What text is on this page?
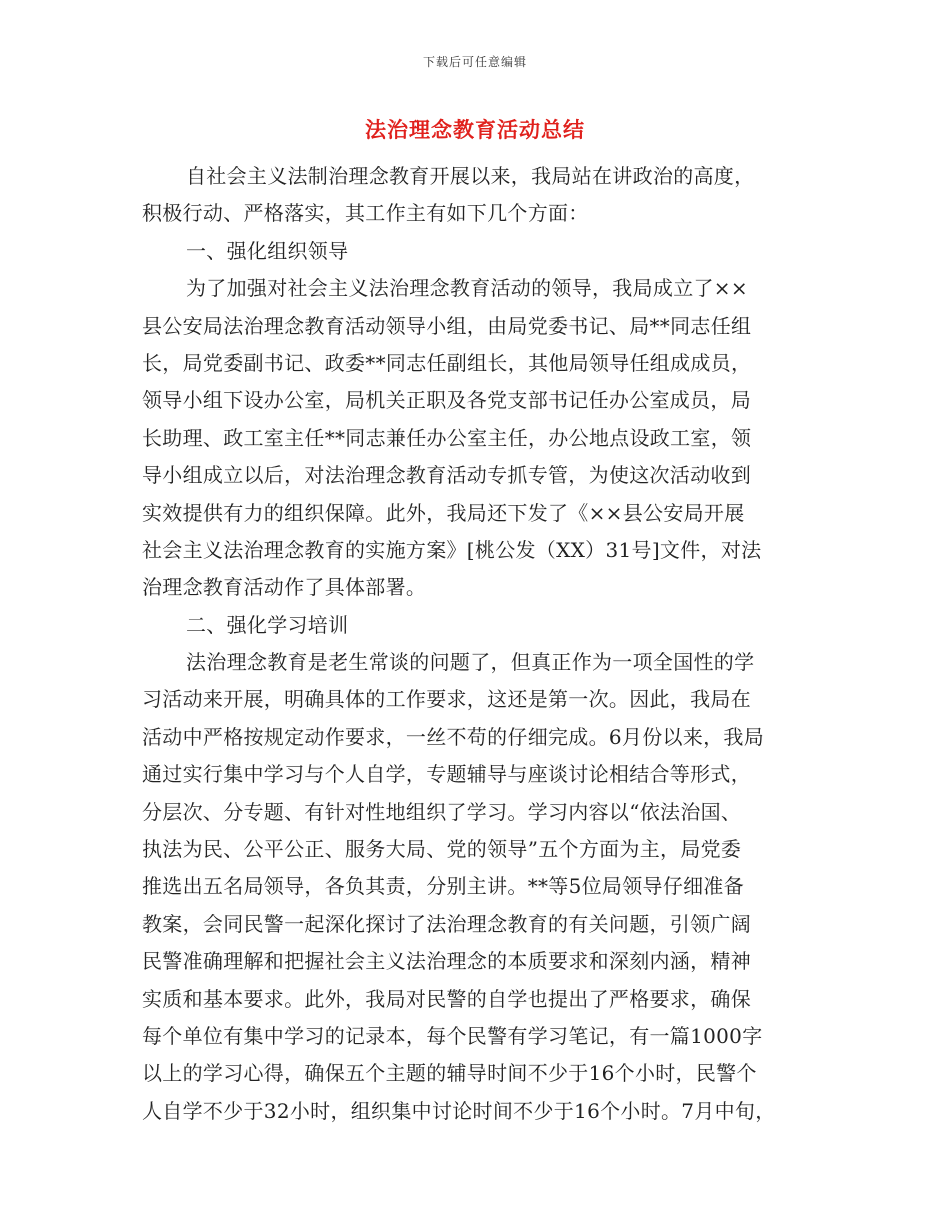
下载后可任意编辑
法治理念教育活动总结
自社会主义法制治理念教育开展以来，我局站在讲政治的高度，
积极行动、严格落实，其工作主有如下几个方面：
一、强化组织领导
为了加强对社会主义法治理念教育活动的领导，我局成立了××
县公安局法治理念教育活动领导小组，由局党委书记、局**同志任组
长，局党委副书记、政委**同志任副组长，其他局领导任组成成员，
领导小组下设办公室，局机关正职及各党支部书记任办公室成员，局
长助理、政工室主任**同志兼任办公室主任，办公地点设政工室，领
导小组成立以后，对法治理念教育活动专抓专管，为使这次活动收到
实效提供有力的组织保障。此外，我局还下发了《××县公安局开展
社会主义法治理念教育的实施方案》[桃公发（XX）31号]文件，对法
治理念教育活动作了具体部署。
二、强化学习培训
法治理念教育是老生常谈的问题了，但真正作为一项全国性的学
习活动来开展，明确具体的工作要求，这还是第一次。因此，我局在
活动中严格按规定动作要求，一丝不苟的仔细完成。6月份以来，我局
通过实行集中学习与个人自学，专题辅导与座谈讨论相结合等形式，
分层次、分专题、有针对性地组织了学习。学习内容以“依法治国、
执法为民、公平公正、服务大局、党的领导”五个方面为主，局党委
推选出五名局领导，各负其责，分别主讲。**等5位局领导仔细准备
教案，会同民警一起深化探讨了法治理念教育的有关问题，引领广阔
民警准确理解和把握社会主义法治理念的本质要求和深刻内涵，精神
实质和基本要求。此外，我局对民警的自学也提出了严格要求，确保
每个单位有集中学习的记录本，每个民警有学习笔记，有一篇1000字
以上的学习心得，确保五个主题的辅导时间不少于16个小时，民警个
人自学不少于32小时，组织集中讨论时间不少于16个小时。7月中旬，
